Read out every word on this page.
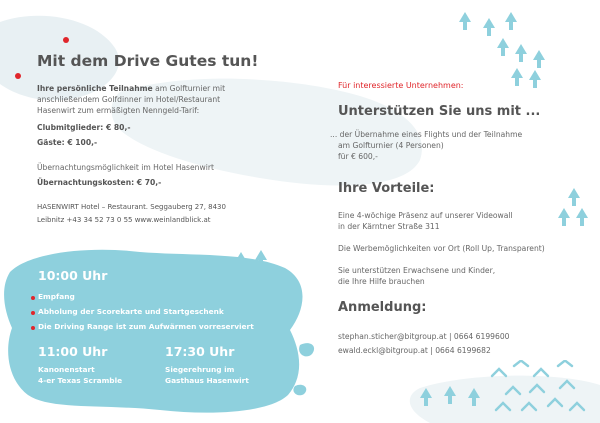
Mit dem Drive Gutes tun!
Ihre persönliche Teilnahme am Golfturnier mit
anschließendem Golfdinner im Hotel/Restaurant
Hasenwirt zum ermäßigten Nenngeld-Tarif:
Clubmitglieder: € 80,-
Gäste: € 100,-
Übernachtungsmöglichkeit im Hotel Hasenwirt
Übernachtungskosten: € 70,-
HASENWIRT Hotel – Restaurant. Seggauberg 27, 8430
Leibnitz +43 34 52 73 0 55 www.weinlandblick.at
10:00 Uhr
Empfang
Abholung der Scorekarte und Startgeschenk
Die Driving Range ist zum Aufwärmen vorreserviert
11:00 Uhr
Kanonenstart
4-er Texas Scramble
17:30 Uhr
Siegerehrung im
Gasthaus Hasenwirt
Für interessierte Unternehmen:
Unterstützen Sie uns mit ...
... der Übernahme eines Flights und der Teilnahme
am Golfturnier (4 Personen)
für € 600,-
Ihre Vorteile:
Eine 4-wöchige Präsenz auf unserer Videowall
in der Kärntner Straße 311
Die Werbemöglichkeiten vor Ort (Roll Up, Transparent)
Sie unterstützen Erwachsene und Kinder,
die Ihre Hilfe brauchen
Anmeldung:
stephan.sticher@bitgroup.at | 0664 6199600
ewald.eckl@bitgroup.at | 0664 6199682
